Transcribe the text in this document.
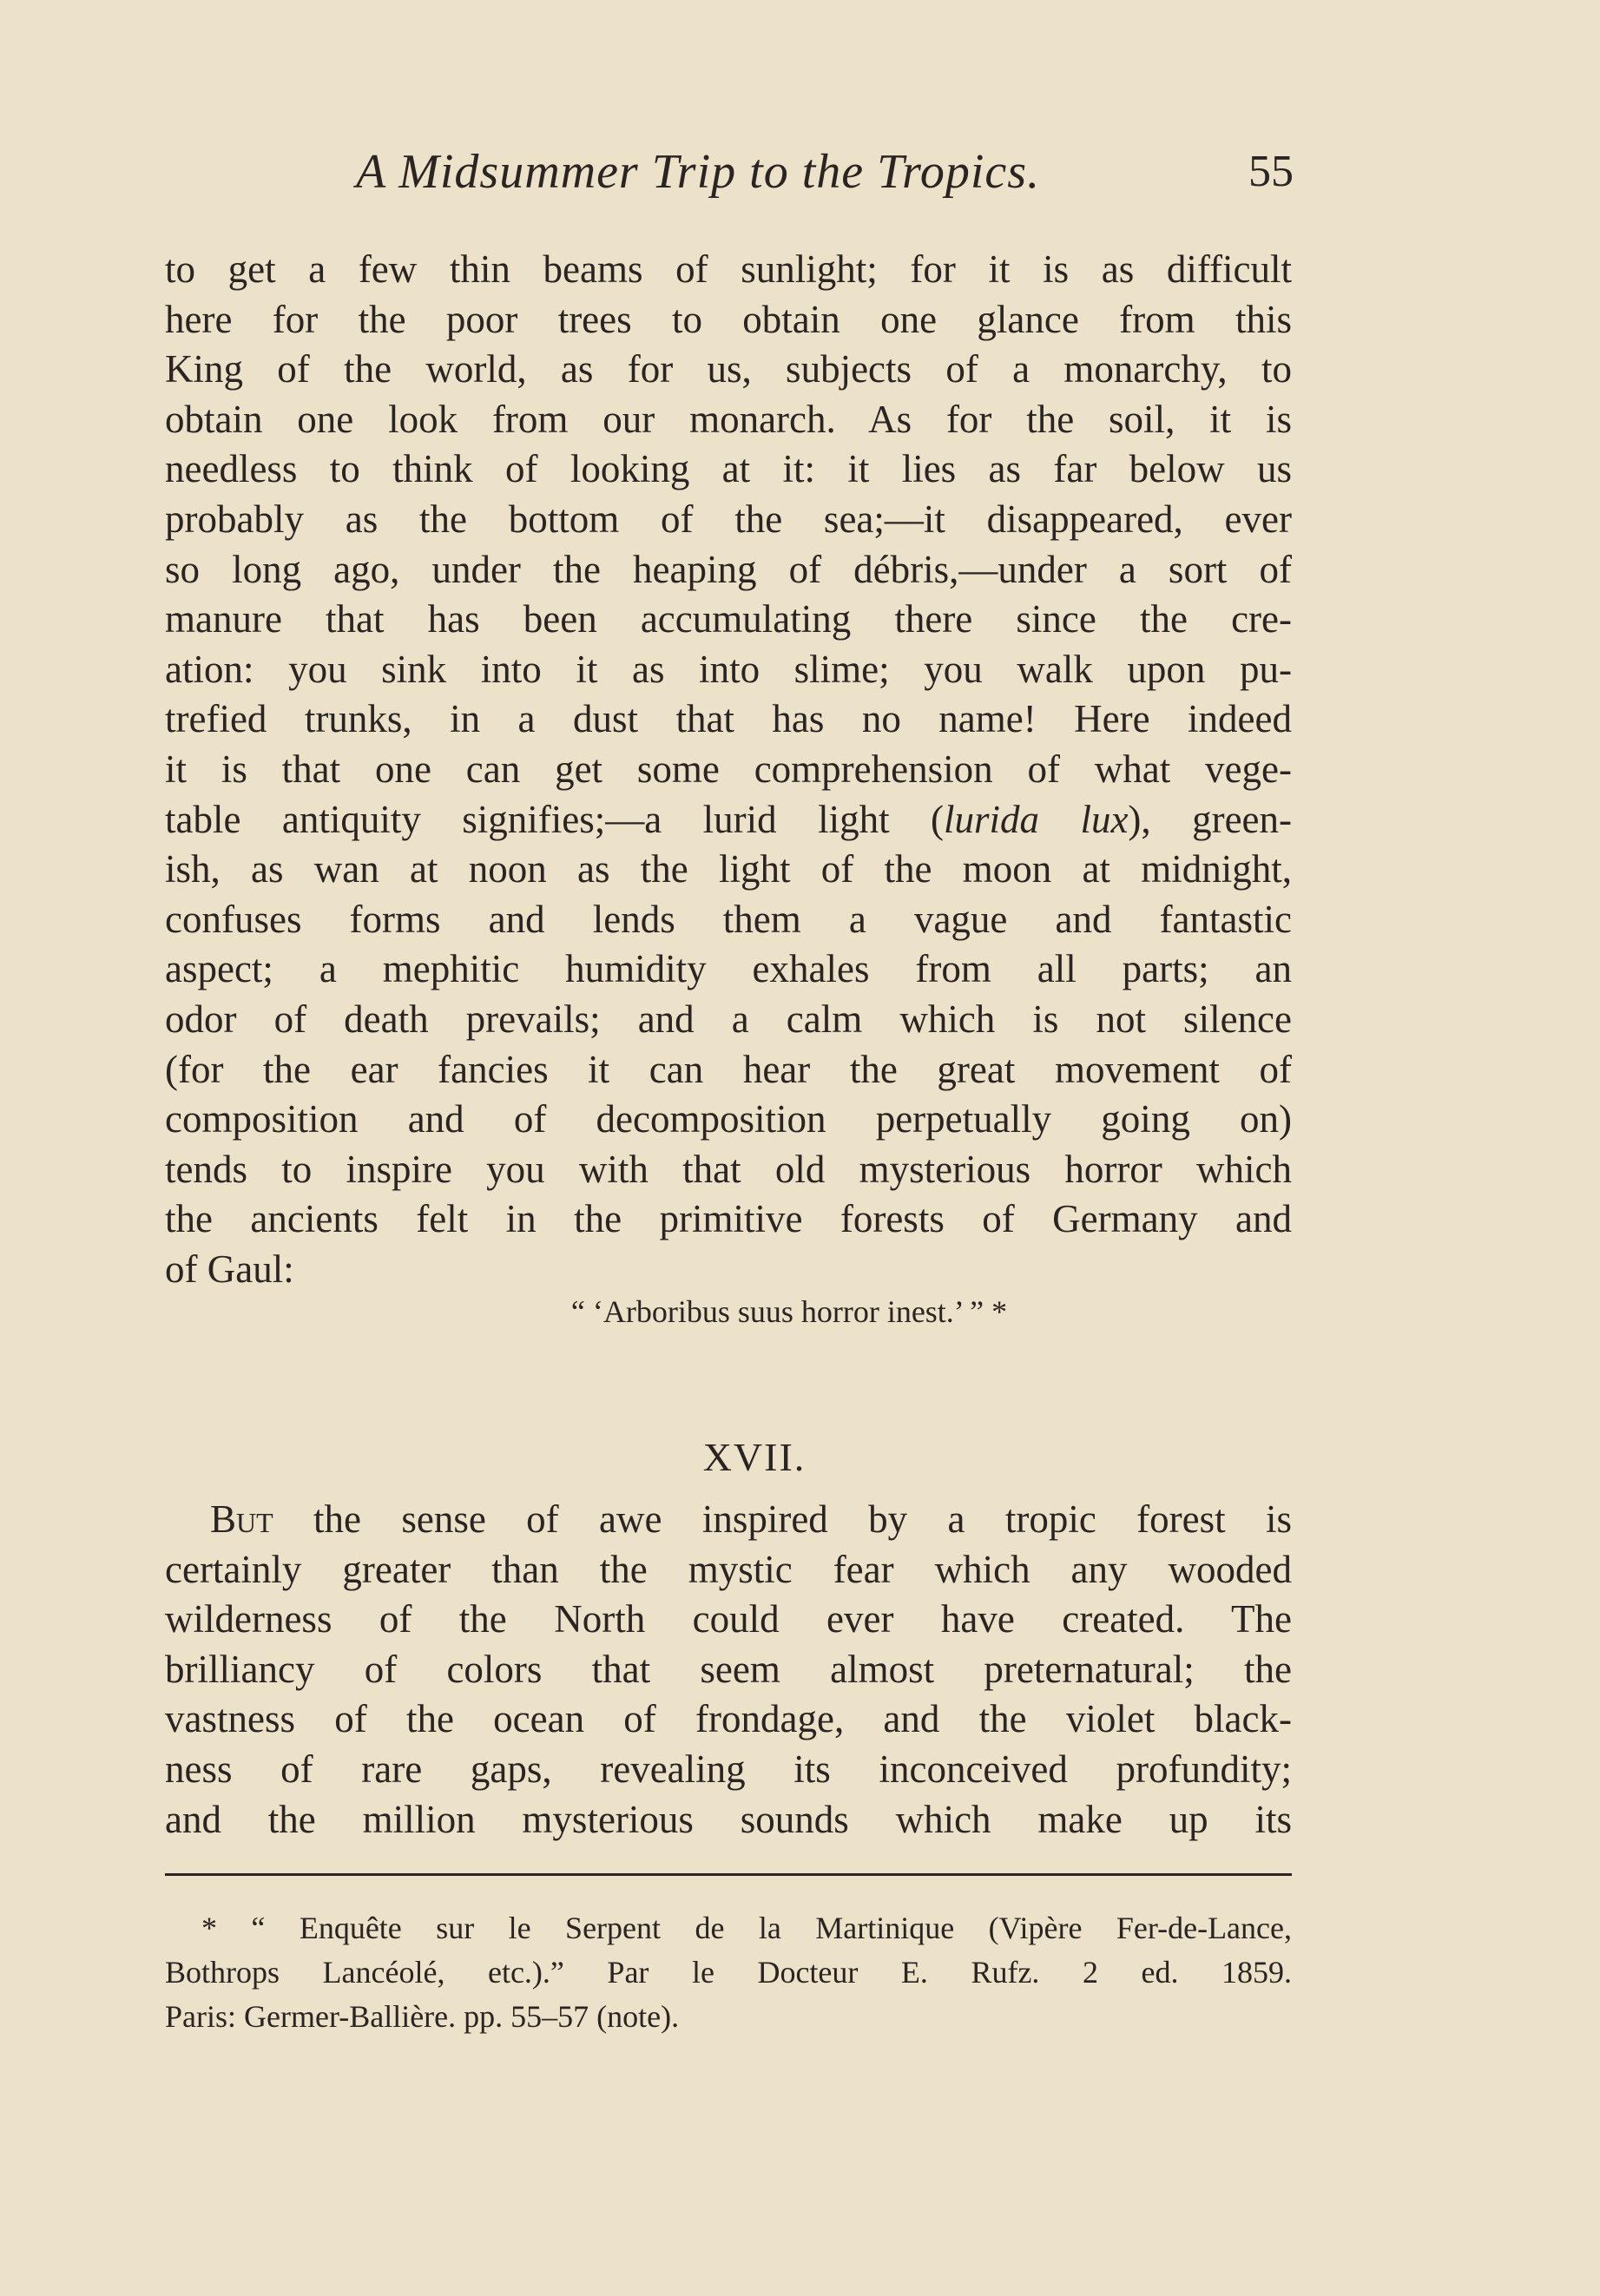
A Midsummer Trip to the Tropics.	55
to get a few thin beams of sunlight; for it is as difficult
here for the poor trees to obtain one glance from this
King of the world, as for us, subjects of a monarchy, to
obtain one look from our monarch. As for the soil, it is
needless to think of looking at it: it lies as far below us
probably as the bottom of the sea;—it disappeared, ever
so long ago, under the heaping of débris,—under a sort of
manure that has been accumulating there since the cre-
ation: you sink into it as into slime; you walk upon pu-
trefied trunks, in a dust that has no name! Here indeed
it is that one can get some comprehension of what vege-
table antiquity signifies;—a lurid light (lurida lux), green-
ish, as wan at noon as the light of the moon at midnight,
confuses forms and lends them a vague and fantastic
aspect; a mephitic humidity exhales from all parts; an
odor of death prevails; and a calm which is not silence
(for the ear fancies it can hear the great movement of
composition and of decomposition perpetually going on)
tends to inspire you with that old mysterious horror which
the ancients felt in the primitive forests of Germany and
of Gaul:
“ ‘Arboribus suus horror inest.’ ” *
XVII.
But the sense of awe inspired by a tropic forest is
certainly greater than the mystic fear which any wooded
wilderness of the North could ever have created. The
brilliancy of colors that seem almost preternatural; the
vastness of the ocean of frondage, and the violet black-
ness of rare gaps, revealing its inconceived profundity;
and the million mysterious sounds which make up its
* “ Enquête sur le Serpent de la Martinique (Vipère Fer-de-Lance,
Bothrops Lancéolé, etc.).” Par le Docteur E. Rufz. 2 ed. 1859.
Paris: Germer-Ballière. pp. 55–57 (note).
